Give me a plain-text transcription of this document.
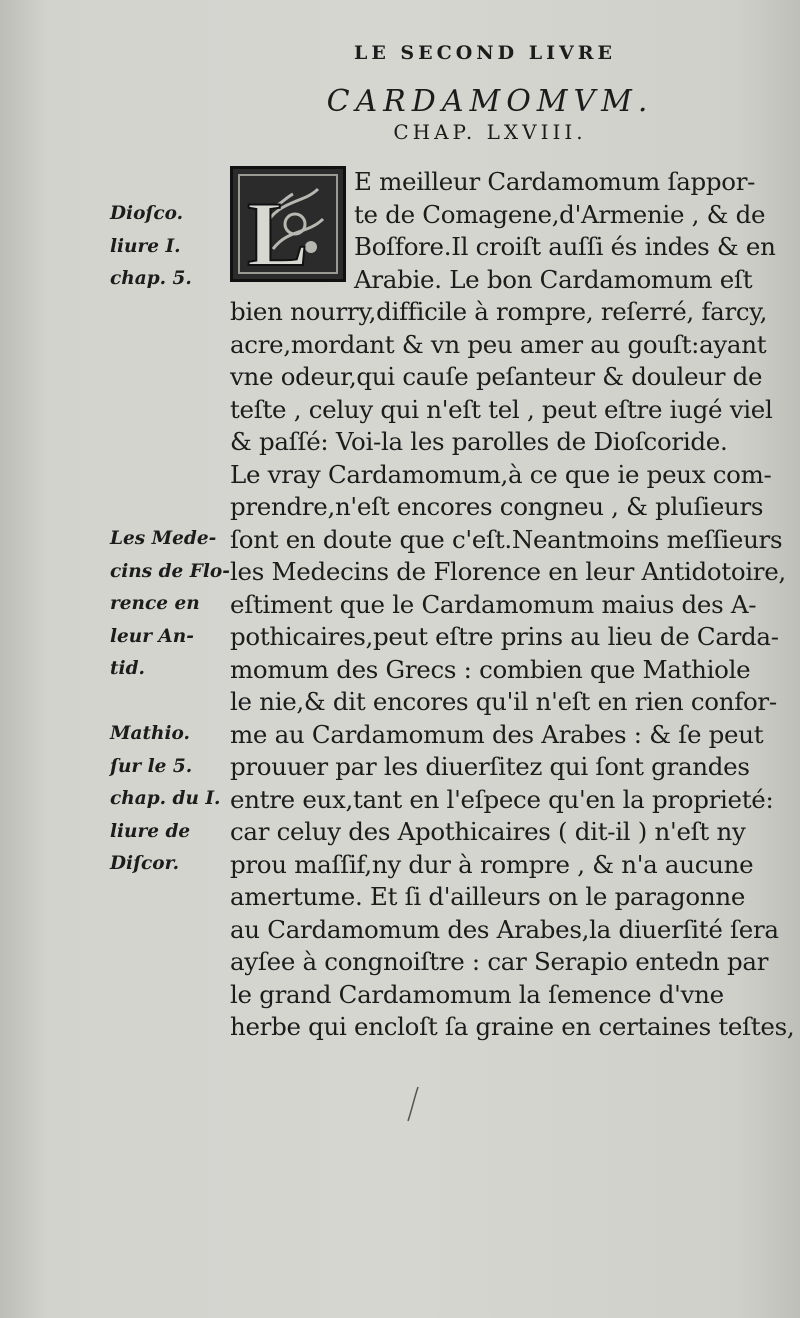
LE SECOND LIVRE
CARDAMOMVM.
CHAP. LXVIII.
L
E meilleur Cardamomum ſappor-
te de Comagene,d'Armenie , & de
Boſfore.Il croiſt auſſi és indes & en
Arabie. Le bon Cardamomum eſt
bien nourry,difficile à rompre, reſerré, farcy,
acre,mordant & vn peu amer au gouſt:ayant
vne odeur,qui cauſe peſanteur & douleur de
teſte , celuy qui n'eſt tel , peut eſtre iugé viel
& paſſé: Voi-la les parolles de Dioſcoride.
Le vray Cardamomum,à ce que ie peux com-
prendre,n'eſt encores congneu , & pluſieurs
ſont en doute que c'eſt.Neantmoins meſſieurs
les Medecins de Florence en leur Antidotoire,
eſtiment que le Cardamomum maius des A-
pothicaires,peut eſtre prins au lieu de Carda-
momum des Grecs : combien que Mathiole
le nie,& dit encores qu'il n'eſt en rien confor-
me au Cardamomum des Arabes : & ſe peut
prouuer par les diuerſitez qui ſont grandes
entre eux,tant en l'eſpece qu'en la proprieté:
car celuy des Apothicaires ( dit-il ) n'eſt ny
prou maſſif,ny dur à rompre , & n'a aucune
amertume. Et ſi d'ailleurs on le paragonne
au Cardamomum des Arabes,la diuerſité ſera
ayſee à congnoiſtre : car Serapio entedn par
le grand Cardamomum la ſemence d'vne
herbe qui encloſt ſa graine en certaines teſtes,
Dioſco.
liure I.
chap. 5.
Les Mede-
cins de Flo-
rence en
leur An-
tid.
Mathio.
ſur le 5.
chap. du I.
liure de
Diſcor.
